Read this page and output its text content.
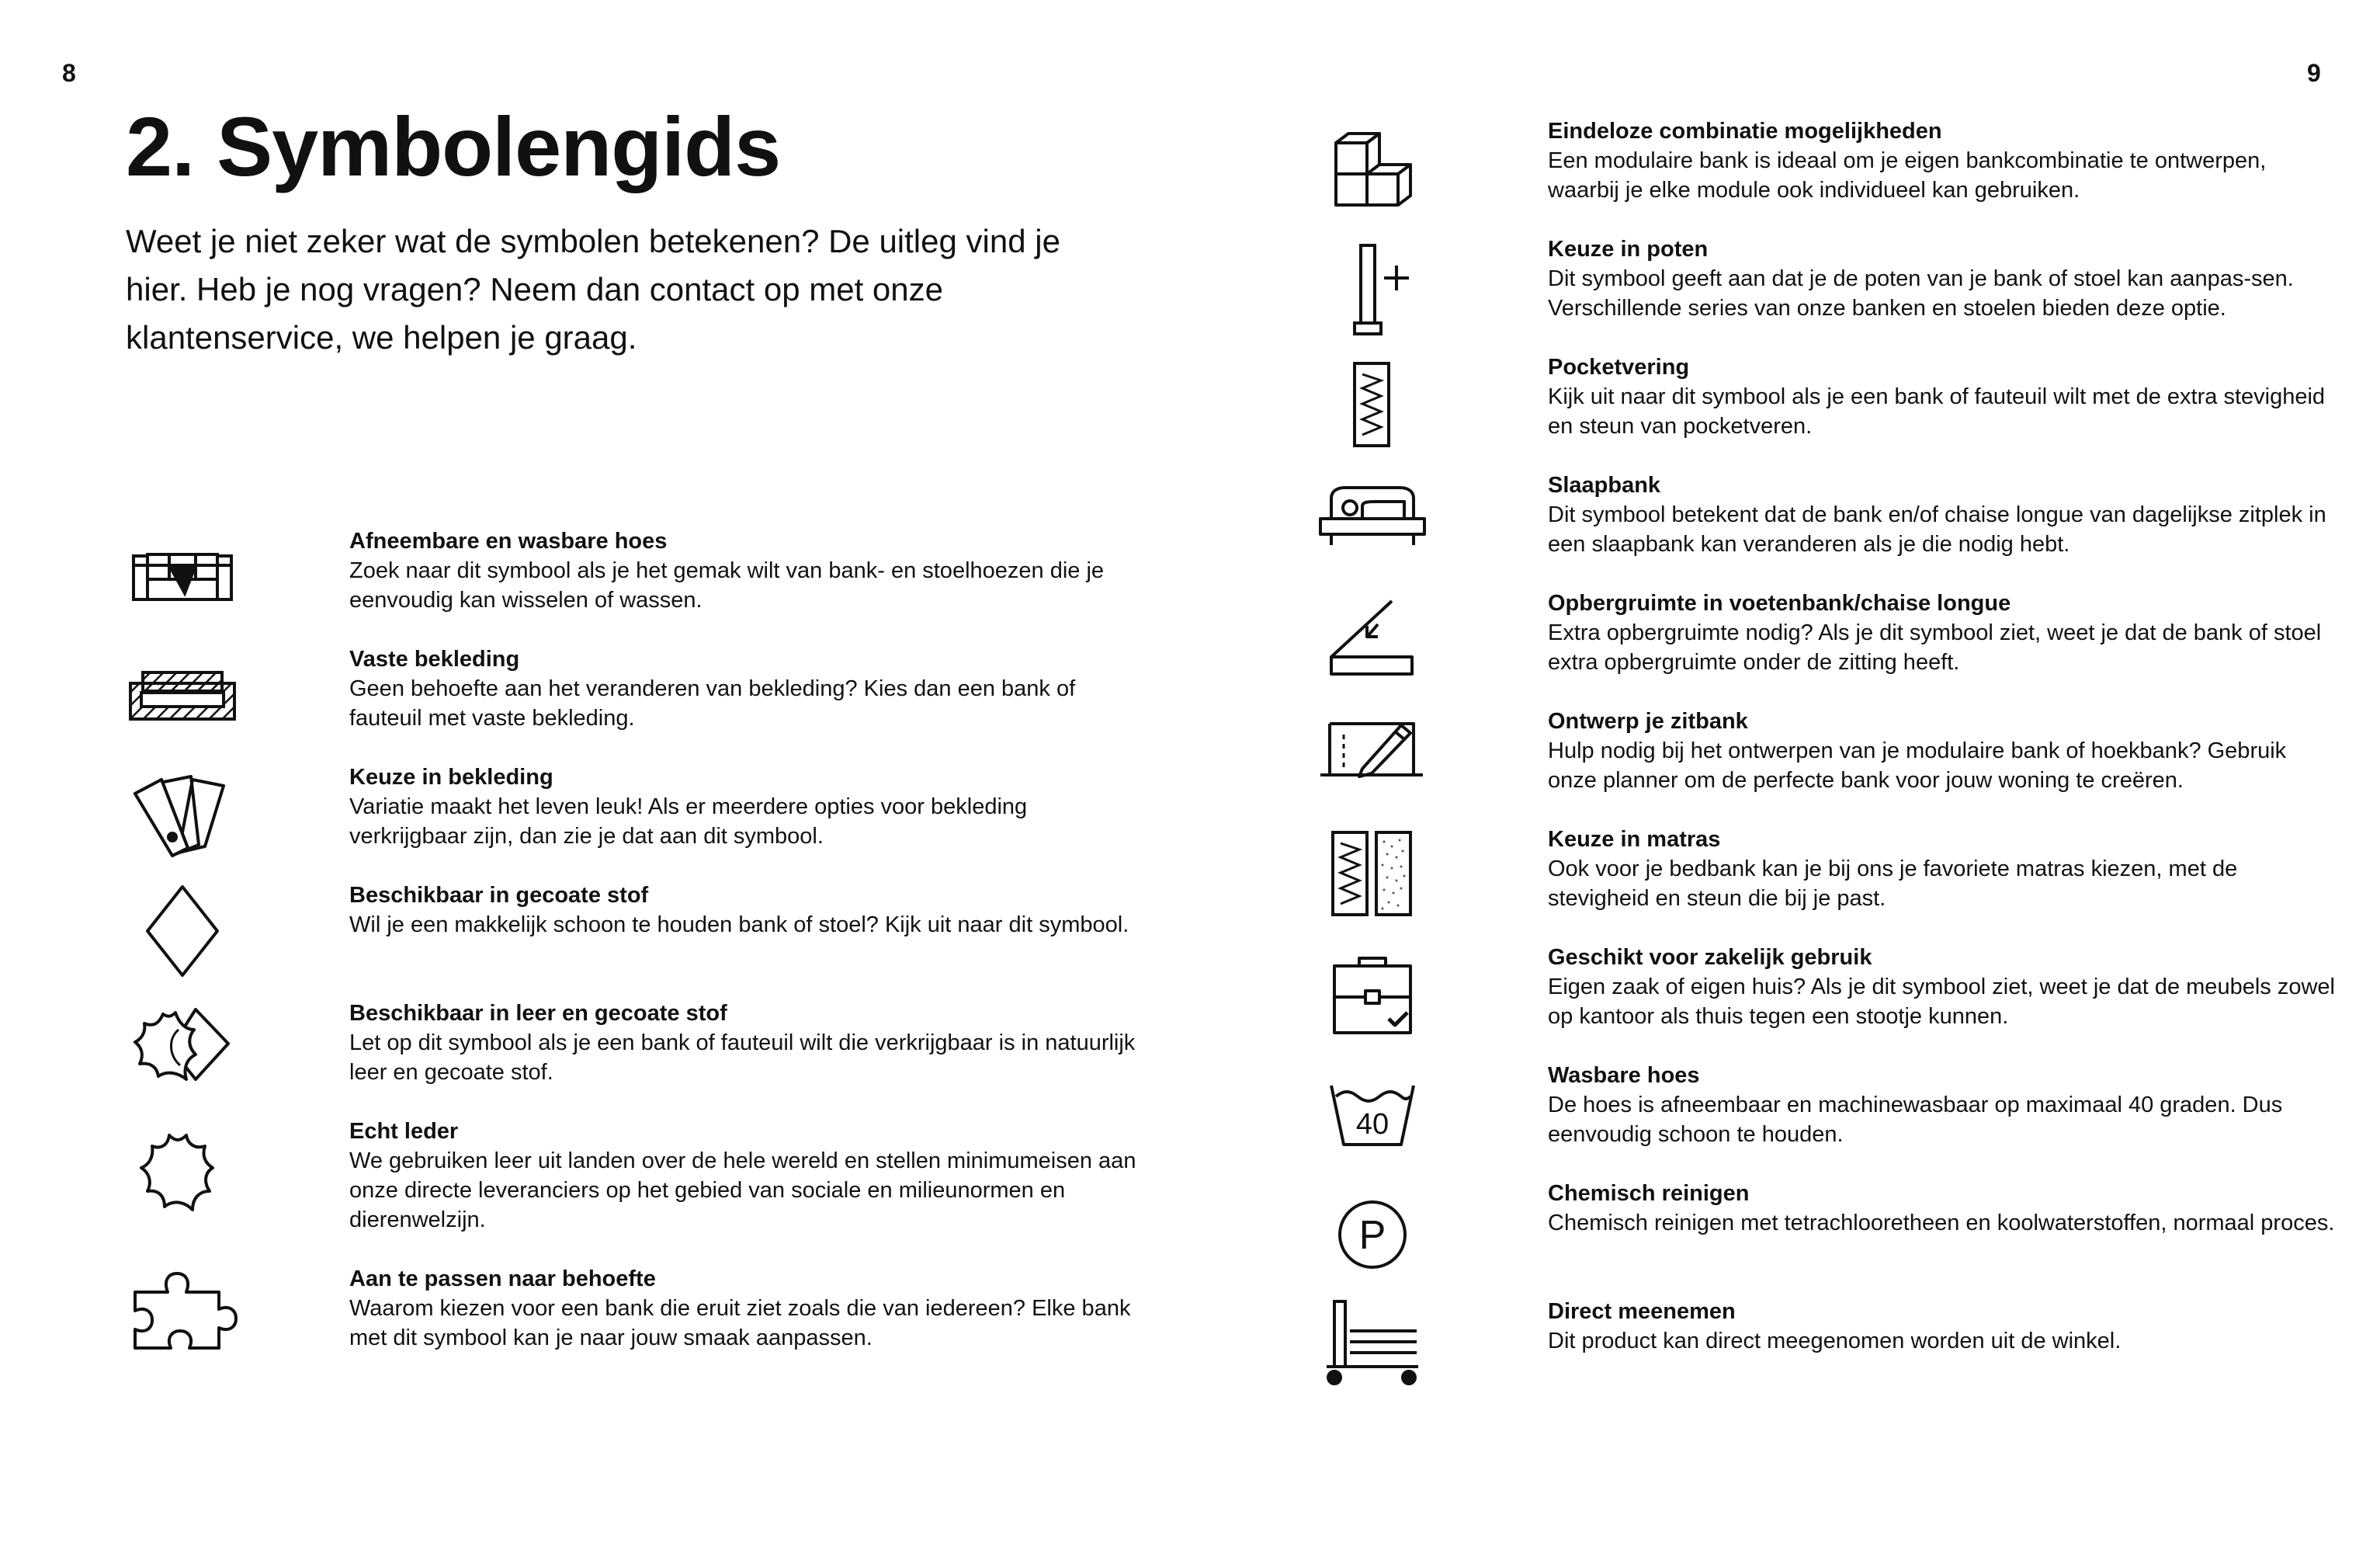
8	9

2. Symbolengids

Weet je niet zeker wat de symbolen betekenen? De uitleg vind je hier. Heb je nog vragen? Neem dan contact op met onze klantenservice, we helpen je graag.

Afneembare en wasbare hoes

Zoek naar dit symbool als je het gemak wilt van bank- en stoelhoezen die je eenvoudig kan wisselen of wassen.

Vaste bekleding

Geen behoefte aan het veranderen van bekleding? Kies dan een bank of fauteuil met vaste bekleding.

Keuze in bekleding

Variatie maakt het leven leuk! Als er meerdere opties voor bekleding verkrijgbaar zijn, dan zie je dat aan dit symbool.

Beschikbaar in gecoate stof

Wil je een makkelijk schoon te houden bank of stoel? Kijk uit naar dit symbool.

Beschikbaar in leer en gecoate stof

Let op dit symbool als je een bank of fauteuil wilt die verkrijgbaar is in natuurlijk leer en gecoate stof.

Echt leder

We gebruiken leer uit landen over de hele wereld en stellen minimumeisen aan onze directe leveranciers op het gebied van sociale en milieunormen en dierenwelzijn.

Aan te passen naar behoefte

Waarom kiezen voor een bank die eruit ziet zoals die van iedereen? Elke bank met dit symbool kan je naar jouw smaak aanpassen.

Eindeloze combinatie mogelijkheden

Een modulaire bank is ideaal om je eigen bankcombinatie te ontwerpen, waarbij je elke module ook individueel kan gebruiken.

Keuze in poten

Dit symbool geeft aan dat je de poten van je bank of stoel kan aanpas-sen. Verschillende series van onze banken en stoelen bieden deze optie.

Pocketvering

Kijk uit naar dit symbool als je een bank of fauteuil wilt met de extra stevigheid en steun van pocketveren.

Slaapbank

Dit symbool betekent dat de bank en/of chaise longue van dagelijkse zitplek in een slaapbank kan veranderen als je die nodig hebt.

Opbergruimte in voetenbank/chaise longue

Extra opbergruimte nodig? Als je dit symbool ziet, weet je dat de bank of stoel extra opbergruimte onder de zitting heeft.

Ontwerp je zitbank

Hulp nodig bij het ontwerpen van je modulaire bank of hoekbank? Gebruik onze planner om de perfecte bank voor jouw woning te creëren.

Keuze in matras

Ook voor je bedbank kan je bij ons je favoriete matras kiezen, met de stevigheid en steun die bij je past.

Geschikt voor zakelijk gebruik

Eigen zaak of eigen huis? Als je dit symbool ziet, weet je dat de meubels zowel op kantoor als thuis tegen een stootje kunnen.

40

Wasbare hoes

De hoes is afneembaar en machinewasbaar op maximaal 40 graden. Dus eenvoudig schoon te houden.

P

Chemisch reinigen

Chemisch reinigen met tetrachlooretheen en koolwaterstoffen, normaal proces.

Direct meenemen

Dit product kan direct meegenomen worden uit de winkel.
